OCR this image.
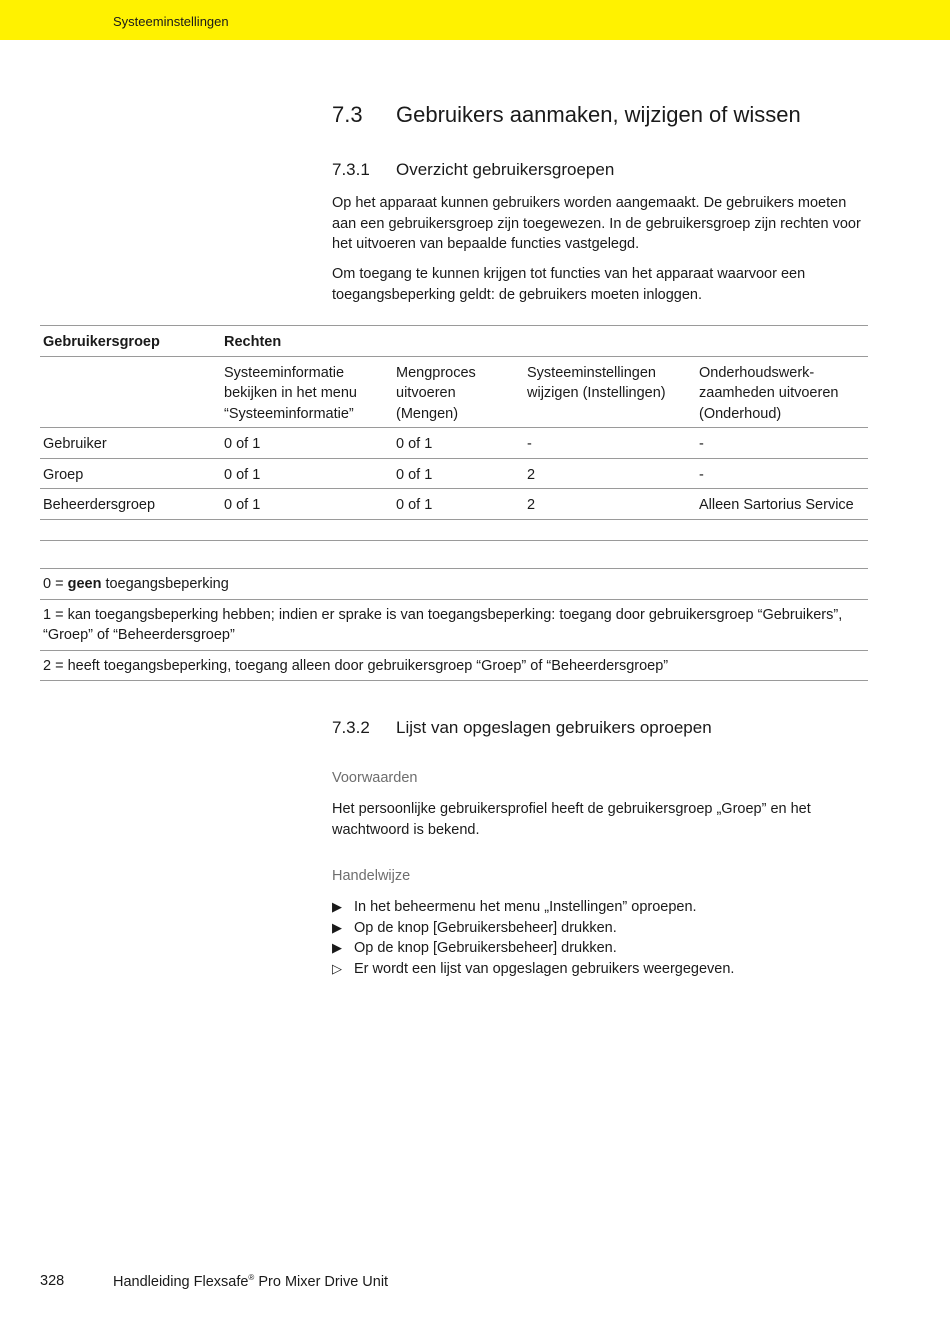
Systeeminstellingen
7.3 Gebruikers aanmaken, wijzigen of wissen
7.3.1 Overzicht gebruikersgroepen

Op het apparaat kunnen gebruikers worden aangemaakt. De gebruikers moeten aan een gebruikersgroep zijn toegewezen. In de gebruikersgroep zijn rechten voor het uitvoeren van bepaalde functies vastgelegd.

Om toegang te kunnen krijgen tot functies van het apparaat waarvoor een toegangsbeperking geldt: de gebruikers moeten inloggen.

Gebruikersgroep	Rechten			
	Systeeminformatie bekijken in het menu “Systeeminformatie”	Mengproces uitvoeren (Mengen)	Systeeminstellingen wijzigen (Instellingen)	Onderhoudswerkzaamheden uitvoeren (Onderhoud)
Gebruiker	0 of 1	0 of 1	-	-
Groep	0 of 1	0 of 1	2	-
Beheerdersgroep	0 of 1	0 of 1	2	Alleen Sartorius Service

0 = geen toegangsbeperking
1 = kan toegangsbeperking hebben; indien er sprake is van toegangsbeperking: toegang door gebruikersgroep “Gebruikers”, “Groep” of “Beheerdersgroep”
2 = heeft toegangsbeperking, toegang alleen door gebruikersgroep “Groep” of “Beheerdersgroep”
7.3.2 Lijst van opgeslagen gebruikers oproepen

Voorwaarden

Het persoonlijke gebruikersprofiel heeft de gebruikersgroep „Groep” en het wachtwoord is bekend.

Handelwijze

▶ In het beheermenu het menu „Instellingen” oproepen.
▶ Op de knop [Gebruikersbeheer] drukken.
▶ Op de knop [Gebruikersbeheer] drukken.
▷ Er wordt een lijst van opgeslagen gebruikers weergegeven.
328	Handleiding Flexsafe® Pro Mixer Drive Unit
